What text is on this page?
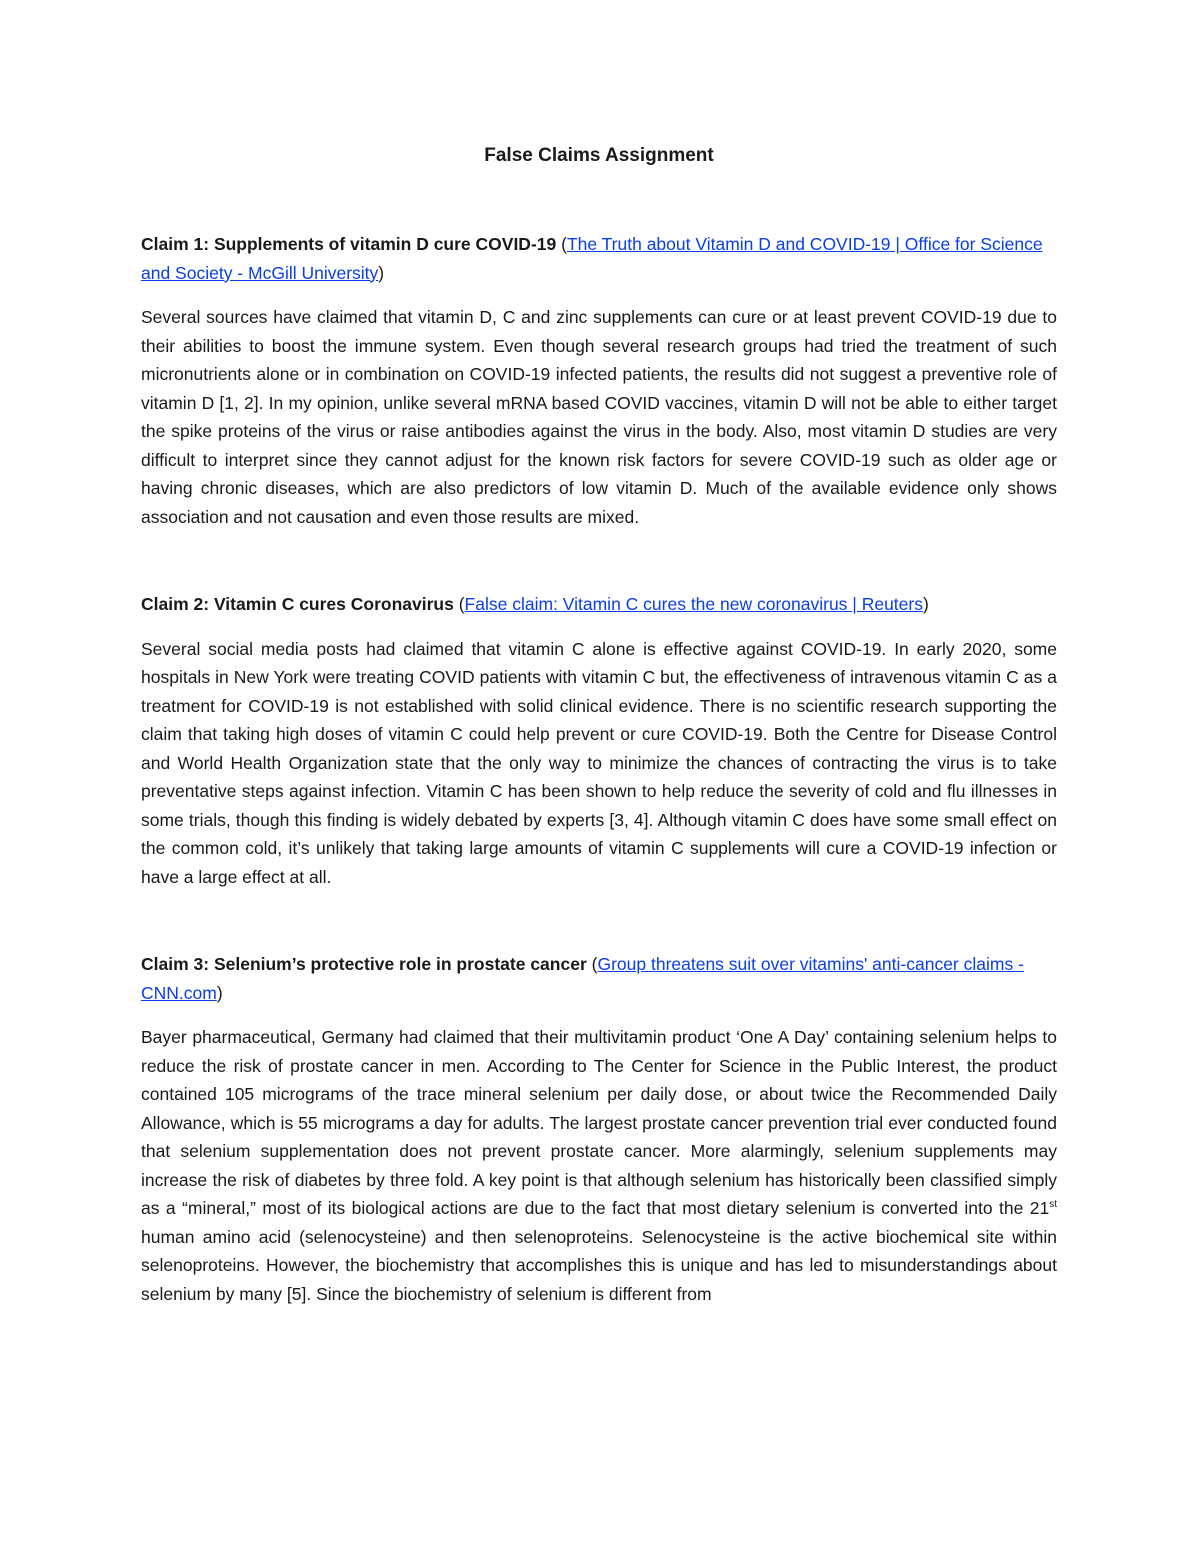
False Claims Assignment

Claim 1: Supplements of vitamin D cure COVID-19 (The Truth about Vitamin D and COVID-19 | Office for Science and Society - McGill University)

Several sources have claimed that vitamin D, C and zinc supplements can cure or at least prevent COVID-19 due to their abilities to boost the immune system. Even though several research groups had tried the treatment of such micronutrients alone or in combination on COVID-19 infected patients, the results did not suggest a preventive role of vitamin D [1, 2]. In my opinion, unlike several mRNA based COVID vaccines, vitamin D will not be able to either target the spike proteins of the virus or raise antibodies against the virus in the body. Also, most vitamin D studies are very difficult to interpret since they cannot adjust for the known risk factors for severe COVID-19 such as older age or having chronic diseases, which are also predictors of low vitamin D. Much of the available evidence only shows association and not causation and even those results are mixed.

Claim 2: Vitamin C cures Coronavirus (False claim: Vitamin C cures the new coronavirus | Reuters)

Several social media posts had claimed that vitamin C alone is effective against COVID-19. In early 2020, some hospitals in New York were treating COVID patients with vitamin C but, the effectiveness of intravenous vitamin C as a treatment for COVID-19 is not established with solid clinical evidence. There is no scientific research supporting the claim that taking high doses of vitamin C could help prevent or cure COVID-19. Both the Centre for Disease Control and World Health Organization state that the only way to minimize the chances of contracting the virus is to take preventative steps against infection. Vitamin C has been shown to help reduce the severity of cold and flu illnesses in some trials, though this finding is widely debated by experts [3, 4]. Although vitamin C does have some small effect on the common cold, it’s unlikely that taking large amounts of vitamin C supplements will cure a COVID-19 infection or have a large effect at all.

Claim 3: Selenium’s protective role in prostate cancer (Group threatens suit over vitamins' anti-cancer claims - CNN.com)

Bayer pharmaceutical, Germany had claimed that their multivitamin product ‘One A Day’ containing selenium helps to reduce the risk of prostate cancer in men. According to The Center for Science in the Public Interest, the product contained 105 micrograms of the trace mineral selenium per daily dose, or about twice the Recommended Daily Allowance, which is 55 micrograms a day for adults. The largest prostate cancer prevention trial ever conducted found that selenium supplementation does not prevent prostate cancer. More alarmingly, selenium supplements may increase the risk of diabetes by three fold. A key point is that although selenium has historically been classified simply as a “mineral,” most of its biological actions are due to the fact that most dietary selenium is converted into the 21st human amino acid (selenocysteine) and then selenoproteins. Selenocysteine is the active biochemical site within selenoproteins. However, the biochemistry that accomplishes this is unique and has led to misunderstandings about selenium by many [5]. Since the biochemistry of selenium is different from
